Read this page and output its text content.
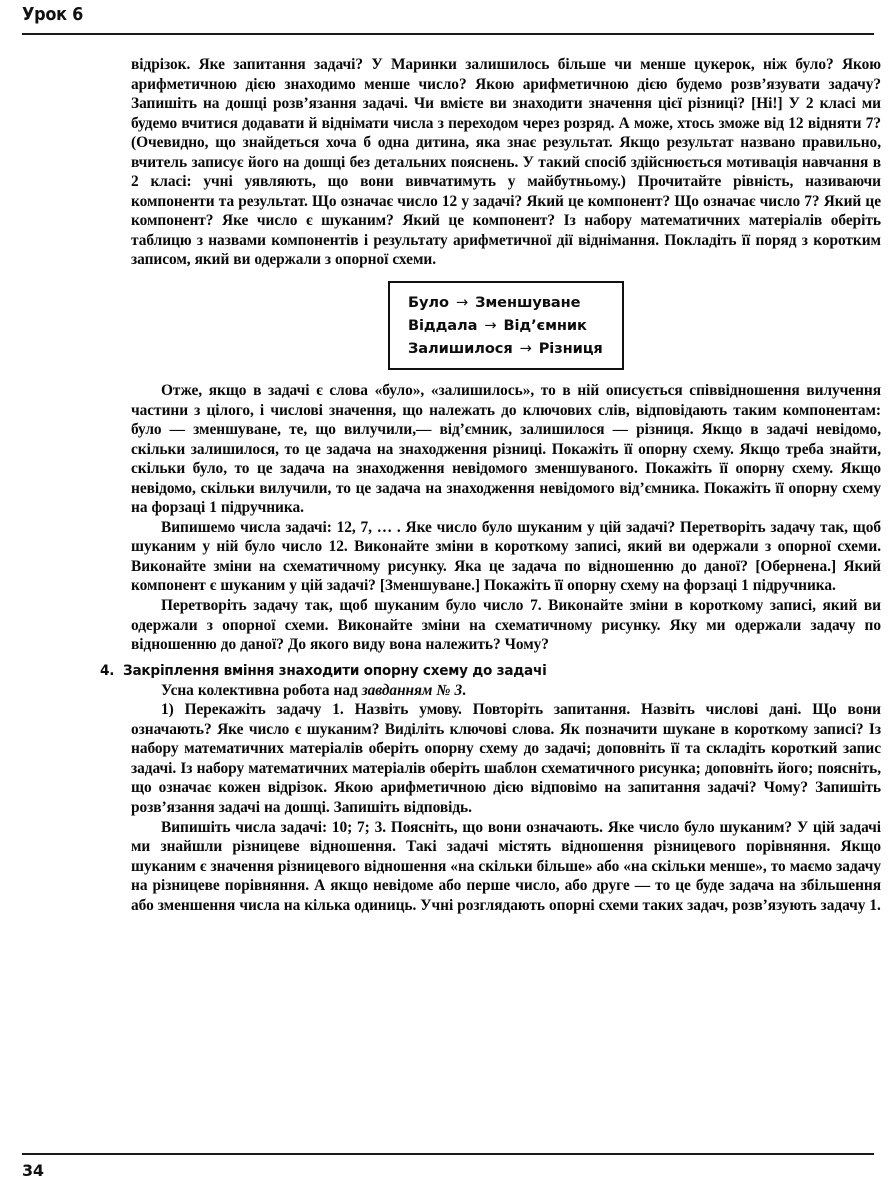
Урок 6

відрізок. Яке запитання задачі? У Маринки залишилось більше чи менше цукерок, ніж було? Якою арифметичною дією знаходимо менше число? Якою арифметичною дією будемо розв’язувати задачу? Запишіть на дошці розв’язання задачі. Чи вмієте ви знаходити значення цієї різниці? [Ні!] У 2 класі ми будемо вчитися додавати й віднімати числа з переходом через розряд. А може, хтось зможе від 12 відняти 7? (Очевидно, що знайдеться хоча б одна дитина, яка знає результат. Якщо результат названо правильно, вчитель записує його на дошці без детальних пояснень. У такий спосіб здійснюється мотивація навчання в 2 класі: учні уявляють, що вони вивчатимуть у майбутньому.) Прочитайте рівність, називаючи компоненти та результат. Що означає число 12 у задачі? Який це компонент? Що означає число 7? Який це компонент? Яке число є шуканим? Який це компонент? Із набору математичних матеріалів оберіть таблицю з назвами компонентів і результату арифметичної дії віднімання. Покладіть її поряд з коротким записом, який ви одержали з опорної схеми.

Було → Зменшуване
Віддала → Від’ємник
Залишилося → Різниця

Отже, якщо в задачі є слова «було», «залишилось», то в ній описується співвідношення вилучення частини з цілого, і числові значення, що належать до ключових слів, відповідають таким компонентам: було — зменшуване, те, що вилучили,— від’ємник, залишилося — різниця. Якщо в задачі невідомо, скільки залишилося, то це задача на знаходження різниці. Покажіть її опорну схему. Якщо треба знайти, скільки було, то це задача на знаходження невідомого зменшуваного. Покажіть її опорну схему. Якщо невідомо, скільки вилучили, то це задача на знаходження невідомого від’ємника. Покажіть її опорну схему на форзаці 1 підручника.

Випишемо числа задачі: 12, 7, … . Яке число було шуканим у цій задачі? Перетворіть задачу так, щоб шуканим у ній було число 12. Виконайте зміни в короткому записі, який ви одержали з опорної схеми. Виконайте зміни на схематичному рисунку. Яка це задача по відношенню до даної? [Обернена.] Який компонент є шуканим у цій задачі? [Зменшуване.] Покажіть її опорну схему на форзаці 1 підручника.

Перетворіть задачу так, щоб шуканим було число 7. Виконайте зміни в короткому записі, який ви одержали з опорної схеми. Виконайте зміни на схематичному рисунку. Яку ми одержали задачу по відношенню до даної? До якого виду вона належить? Чому?

4. Закріплення вміння знаходити опорну схему до задачі

Усна колективна робота над завданням № 3.

1) Перекажіть задачу 1. Назвіть умову. Повторіть запитання. Назвіть числові дані. Що вони означають? Яке число є шуканим? Виділіть ключові слова. Як позначити шукане в короткому записі? Із набору математичних матеріалів оберіть опорну схему до задачі; доповніть її та складіть короткий запис задачі. Із набору математичних матеріалів оберіть шаблон схематичного рисунка; доповніть його; поясніть, що означає кожен відрізок. Якою арифметичною дією відповімо на запитання задачі? Чому? Запишіть розв’язання задачі на дошці. Запишіть відповідь.

Випишіть числа задачі: 10; 7; 3. Поясніть, що вони означають. Яке число було шуканим? У цій задачі ми знайшли різницеве відношення. Такі задачі містять відношення різницевого порівняння. Якщо шуканим є значення різницевого відношення «на скільки більше» або «на скільки менше», то маємо задачу на різницеве порівняння. А якщо невідоме або перше число, або друге — то це буде задача на збільшення або зменшення числа на кілька одиниць. Учні розглядають опорні схеми таких задач, розв’язують задачу 1.

34
